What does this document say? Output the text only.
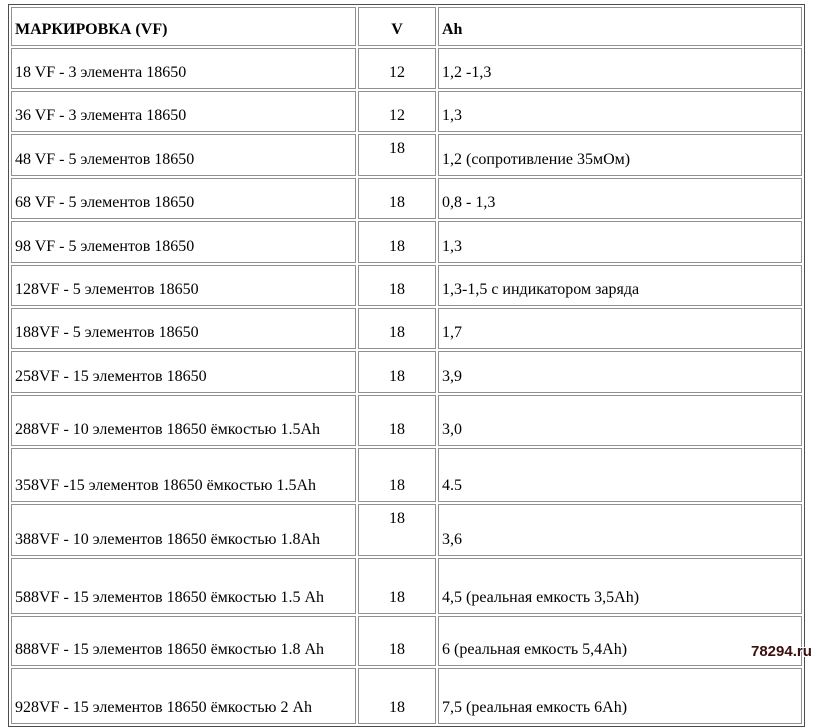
МАРКИРОВКА (VF)	V	Ah
18 VF - 3 элемента 18650	12	1,2 -1,3
36 VF - 3 элемента 18650	12	1,3
48 VF - 5 элементов 18650	18	1,2 (сопротивление 35мОм)
68 VF - 5 элементов 18650	18	0,8 - 1,3
98 VF - 5 элементов 18650	18	1,3
128VF - 5 элементов 18650	18	1,3-1,5 с индикатором заряда
188VF - 5 элементов 18650	18	1,7
258VF - 15 элементов 18650	18	3,9
288VF - 10 элементов 18650 ёмкостью 1.5Ah	18	3,0
358VF -15 элементов 18650 ёмкостью 1.5Ah	18	4.5
388VF - 10 элементов 18650 ёмкостью 1.8Ah	18	3,6
588VF - 15 элементов 18650 ёмкостью 1.5 Ah	18	4,5 (реальная емкость 3,5Ah)
888VF - 15 элементов 18650 ёмкостью 1.8 Ah	18	6 (реальная емкость 5,4Ah)
928VF - 15 элементов 18650 ёмкостью 2 Ah	18	7,5 (реальная емкость 6Ah)
78294.ru
